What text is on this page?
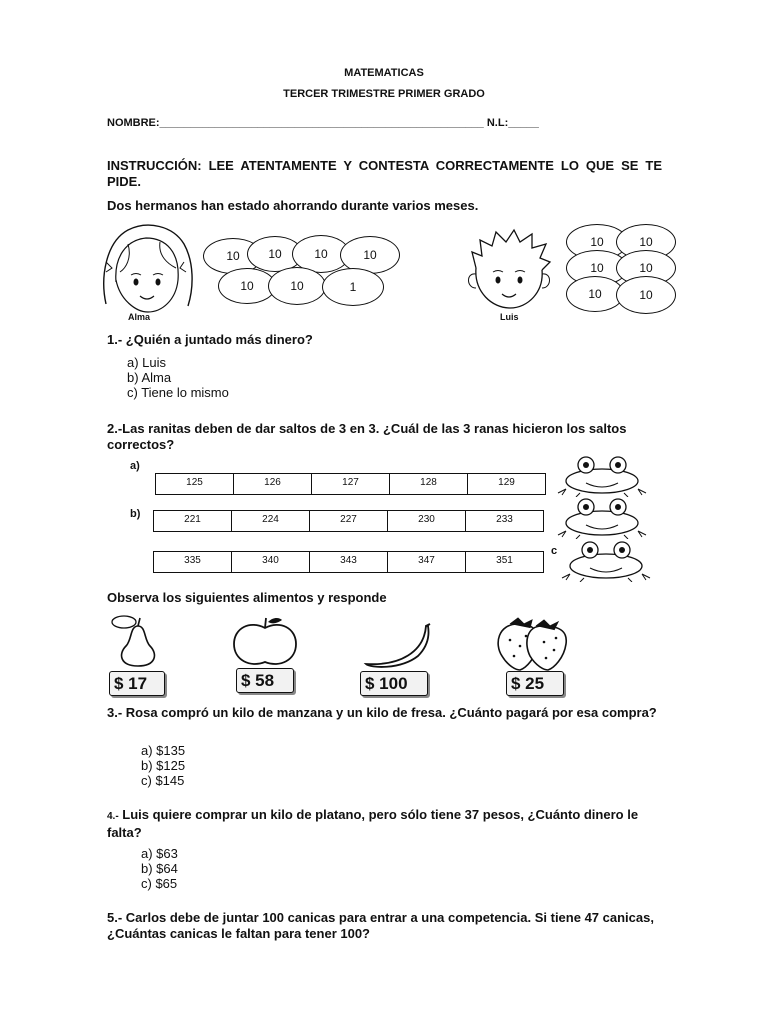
MATEMATICAS
TERCER TRIMESTRE PRIMER GRADO
NOMBRE:_____________________________________________________ N.L:_____
INSTRUCCIÓN: LEE ATENTAMENTE Y CONTESTA CORRECTAMENTE LO QUE SE TE PIDE.
Dos hermanos han estado ahorrando durante varios meses.
Alma
10	10	10	10
10	10	1
Luis
10	10
10	10
10	10
1.- ¿Quién a juntado más dinero?
a) Luis
b) Alma
c) Tiene lo mismo
2.-Las ranitas deben de dar saltos de 3 en 3. ¿Cuál de las 3 ranas hicieron los saltos correctos?
a)
125	126	127	128	129
b)	221	224	227	230	233
335	340	343	347	351
c
Observa los siguientes alimentos y responde
$ 17	$ 58	$ 100	$ 25
3.- Rosa compró un kilo de manzana y un kilo de fresa. ¿Cuánto pagará por esa compra?
a) $135
b) $125
c) $145
4.- Luis quiere comprar un kilo de platano, pero sólo tiene 37 pesos, ¿Cuánto dinero le falta?
a) $63
b) $64
c) $65
5.- Carlos debe de juntar 100 canicas para entrar a una competencia. Si tiene 47 canicas, ¿Cuántas canicas le faltan para tener 100?
